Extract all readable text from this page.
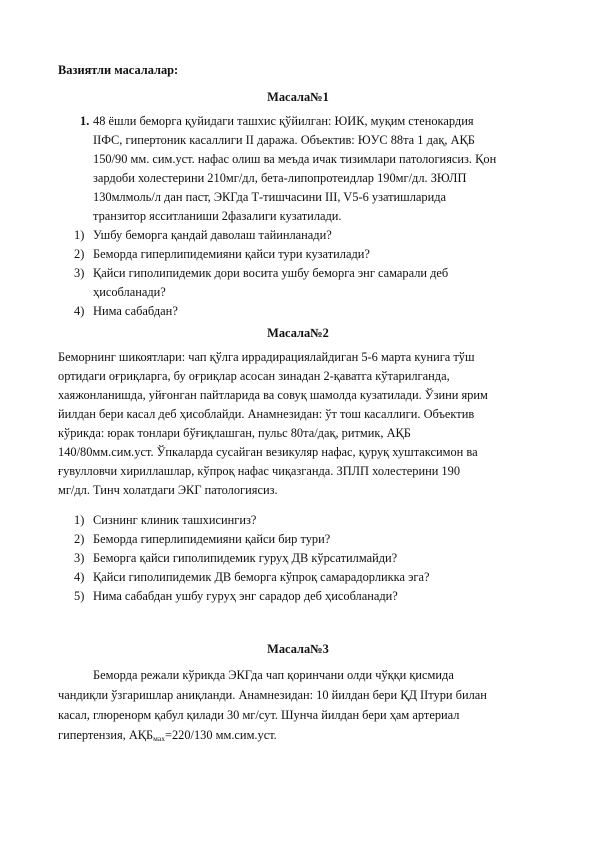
Вазиятли масалалар:

Масала№1

1. 48 ёшли беморга қуйидаги ташхис қўйилган: ЮИК, муқим стенокардия

IIФС, гипертоник касаллиги II даража. Объектив: ЮУС 88та 1 дақ, АҚБ

150/90 мм. сим.уст. нафас олиш ва меъда ичак тизимлари патологиясиз. Қон

зардоби холестерини 210мг/дл, бета-липопротеидлар 190мг/дл. ЗЮЛП

130млмоль/л дан паст, ЭКГда Т-тишчасини III, V5-6 узатишларида

транзитор ясситланиши 2фазалиги кузатилади.

1) Ушбу беморга қандай даволаш тайинланади?

2) Беморда гиперлипидемияни қайси тури кузатилади?

3) Қайси гиполипидемик дори восита ушбу беморга энг самарали деб

ҳисобланади?

4) Нима сабабдан?

Масала№2

Беморнинг шикоятлари: чап қўлга иррадирациялайдиган 5-6 марта кунига тўш

ортидаги оғриқларга, бу оғриқлар асосан зинадан 2-қаватга кўтарилганда,

хаяжонланишда, уйғонган пайтларида ва совуқ шамолда кузатилади. Ўзини ярим

йилдан бери касал деб ҳисоблайди. Анамнезидан: ўт тош касаллиги. Объектив

кўрикда: юрак тонлари бўғиқлашган, пульс 80та/дақ, ритмик, АҚБ

140/80мм.сим.уст. Ўпкаларда сусайган везикуляр нафас, қуруқ хуштаксимон ва

ғувулловчи хириллашлар, кўпроқ нафас чиқазганда. ЗПЛП холестерини 190

мг/дл. Тинч холатдаги ЭКГ патологиясиз.

1) Сизнинг клиник ташхисингиз?

2) Беморда гиперлипидемияни қайси бир тури?

3) Беморга қайси гиполипидемик гуруҳ ДВ кўрсатилмайди?

4) Қайси гиполипидемик ДВ беморга кўпроқ самарадорликка эга?

5) Нима сабабдан ушбу гуруҳ энг сарадор деб ҳисобланади?

Масала№3

Беморда режали кўрикда ЭКГда чап қоринчани олди чўққи қисмида

чандиқли ўзгаришлар аниқланди. Анамнезидан: 10 йилдан бери ҚД IIтури билан

касал, глюренорм қабул қилади 30 мг/сут. Шунча йилдан бери ҳам артериал

гипертензия, $АҚБ_{мах}=220/130$ мм.сим.уст.
